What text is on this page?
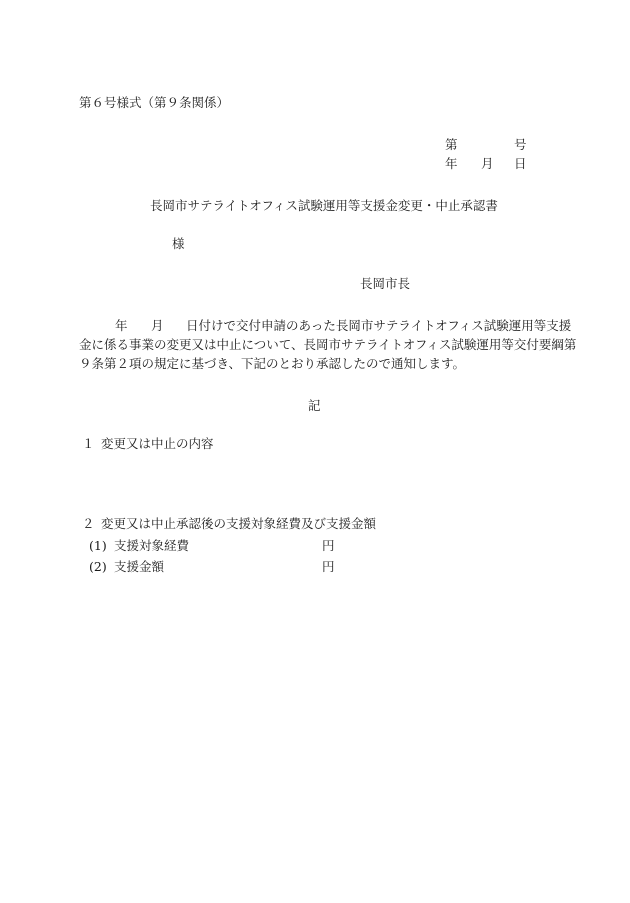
第６号様式（第９条関係）
第	号
年 月 日
長岡市サテライトオフィス試験運用等支援金変更・中止承認書
様
長岡市長
年 月 日付けで交付申請のあった長岡市サテライトオフィス試験運用等支援
金に係る事業の変更又は中止について、長岡市サテライトオフィス試験運用等交付要綱第
９条第２項の規定に基づき、下記のとおり承認したので通知します。
記
１ 変更又は中止の内容
２ 変更又は中止承認後の支援対象経費及び支援金額
(1) 支援対象経費	円
(2) 支援金額	円
